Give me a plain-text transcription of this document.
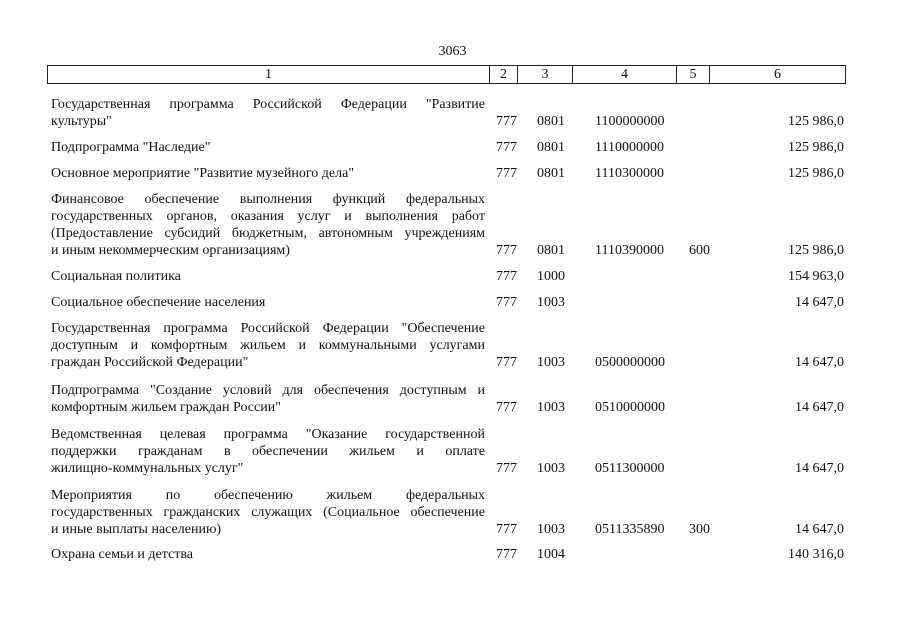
3063
1	2	3	4	5	6
Государственная программа Российской Федерации "Развитие
культуры"	777 0801 1100000000	125 986,0
Подпрограмма "Наследие"	777 0801 1110000000	125 986,0
Основное мероприятие "Развитие музейного дела"	777 0801 1110300000	125 986,0
Финансовое обеспечение выполнения функций федеральных
государственных органов, оказания услуг и выполнения работ
(Предоставление субсидий бюджетным, автономным учреждениям
и иным некоммерческим организациям)	777 0801 1110390000 600	125 986,0
Социальная политика	777 1000	154 963,0
Социальное обеспечение населения	777 1003	14 647,0
Государственная программа Российской Федерации "Обеспечение
доступным и комфортным жильем и коммунальными услугами
граждан Российской Федерации"	777 1003 0500000000	14 647,0
Подпрограмма "Создание условий для обеспечения доступным и
комфортным жильем граждан России"	777 1003 0510000000	14 647,0
Ведомственная целевая программа "Оказание государственной
поддержки гражданам в обеспечении жильем и оплате
жилищно-коммунальных услуг"	777 1003 0511300000	14 647,0
Мероприятия по обеспечению жильем федеральных
государственных гражданских служащих (Социальное обеспечение
и иные выплаты населению)	777 1003 0511335890 300	14 647,0
Охрана семьи и детства	777 1004	140 316,0
